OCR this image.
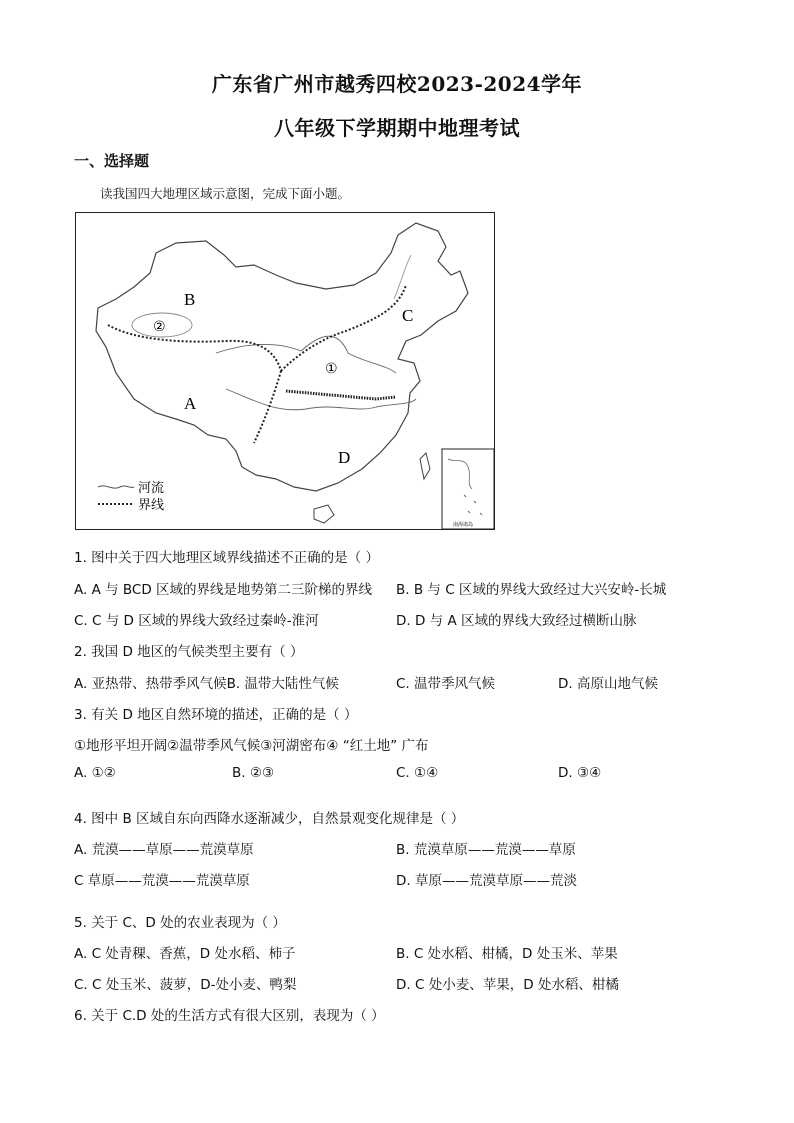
广东省广州市越秀四校2023-2024学年
八年级下学期期中地理考试
一、选择题
读我国四大地理区域示意图，完成下面小题。
A
B
C
D
①
②
河流
界线
南海诸岛
1. 图中关于四大地理区域界线描述不正确的是（ ）
A. A 与 BCD 区域的界线是地势第二三阶梯的界线 B. B 与 C 区域的界线大致经过大兴安岭-长城
C. C 与 D 区域的界线大致经过秦岭-淮河	D. D 与 A 区域的界线大致经过横断山脉
2. 我国 D 地区的气候类型主要有（ ）
A. 亚热带、热带季风气候B. 温带大陆性气候	C. 温带季风气候	D. 高原山地气候
3. 有关 D 地区自然环境的描述，正确的是（ ）
①地形平坦开阔②温带季风气候③河湖密布④ “红土地” 广布
A. ①②	B. ②③	C. ①④	D. ③④
4. 图中 B 区域自东向西降水逐渐减少，自然景观变化规律是（ ）
A. 荒漠——草原——荒漠草原	B. 荒漠草原——荒漠——草原
C 草原——荒漠——荒漠草原	D. 草原——荒漠草原——荒淡
5. 关于 C、D 处的农业表现为（ ）
A. C 处青稞、香蕉，D 处水稻、柿子	B. C 处水稻、柑橘，D 处玉米、苹果
C. C 处玉米、菠萝，D-处小麦、鸭梨	D. C 处小麦、苹果，D 处水稻、柑橘
6. 关于 C.D 处的生活方式有很大区别，表现为（ ）
